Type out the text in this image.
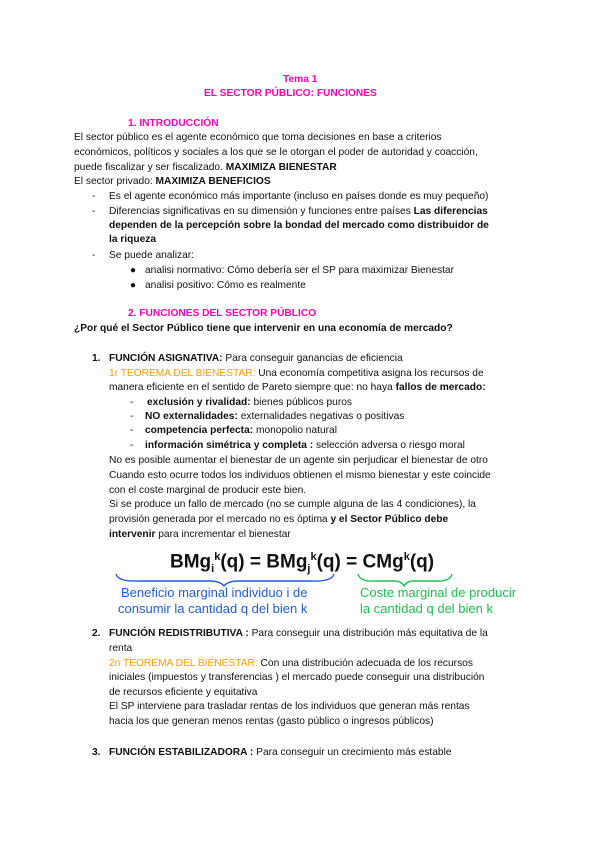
Tema 1
EL SECTOR PÚBLICO: FUNCIONES
1. INTRODUCCIÓN
El sector público es el agente económico que toma decisiones en base a criterios
económicos, políticos y sociales a los que se le otorgan el poder de autoridad y coacción,
puede fiscalizar y ser fiscalizado. MAXIMIZA BIENESTAR
El sector privado: MAXIMIZA BENEFICIOS
- Es el agente económico más importante (incluso en países donde es muy pequeño)
- Diferencias significativas en su dimensión y funciones entre países Las diferencias
dependen de la percepción sobre la bondad del mercado como distribuidor de
la riqueza
- Se puede analizar:
● analisi normativo: Cómo debería ser el SP para maximizar Bienestar
● analisi positivo: Cómo es realmente
2. FUNCIONES DEL SECTOR PÚBLICO
¿Por qué el Sector Público tiene que intervenir en una economía de mercado?
1. FUNCIÓN ASIGNATIVA: Para conseguir ganancias de eficiencia
1r TEOREMA DEL BIENESTAR: Una economía competitiva asigna los recursos de
manera eficiente en el sentido de Pareto siempre que: no haya fallos de mercado:
- exclusión y rivalidad: bienes públicos puros
- NO externalidades: externalidades negativas o positivas
- competencia perfecta: monopolio natural
- información simétrica y completa : selección adversa o riesgo moral
No es posible aumentar el bienestar de un agente sin perjudicar el bienestar de otro
Cuando esto ocurre todos los individuos obtienen el mismo bienestar y este coincide
con el coste marginal de producir este bien.
Si se produce un fallo de mercado (no se cumple alguna de las 4 condiciones), la
provisión generada por el mercado no es óptima y el Sector Público debe
intervenir para incrementar el bienestar
BMg$_i^k$(q) = BMg$_j^k$(q) = CMg$^k$(q)
Beneficio marginal individuo i de
consumir la cantidad q del bien k
Coste marginal de producir
la cantidad q del bien k
2. FUNCIÓN REDISTRIBUTIVA : Para conseguir una distribución más equitativa de la
renta
2n TEOREMA DEL BIENESTAR: Con una distribución adecuada de los recursos
iniciales (impuestos y transferencias ) el mercado puede conseguir una distribución
de recursos eficiente y equitativa
El SP interviene para trasladar rentas de los individuos que generan más rentas
hacia los que generan menos rentas (gasto público o ingresos públicos)
3. FUNCIÓN ESTABILIZADORA : Para conseguir un crecimiento más estable
